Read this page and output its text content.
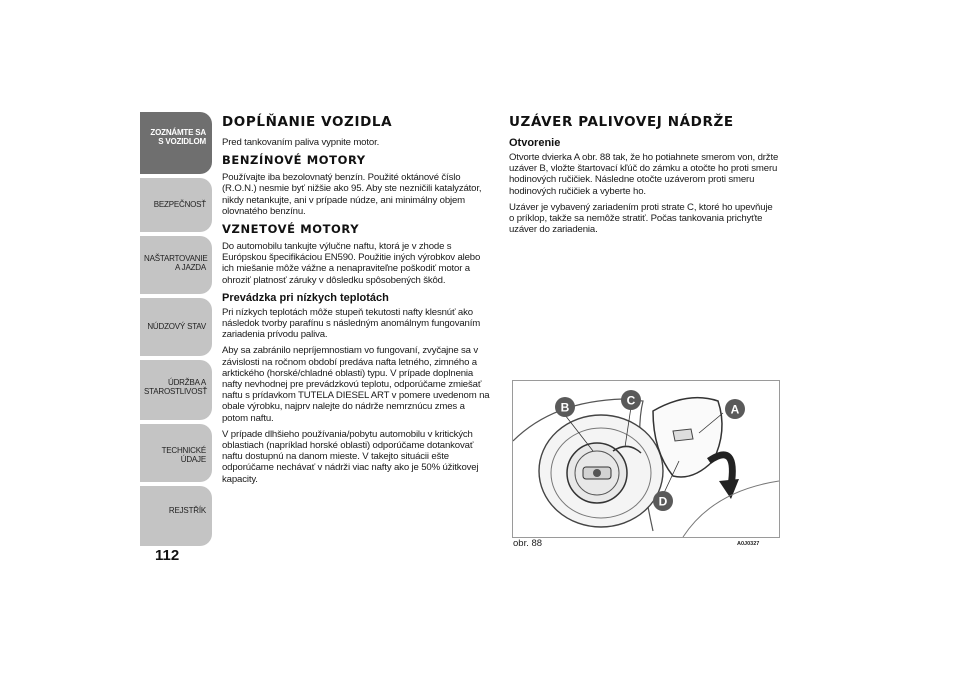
ZOZNÁMTE SA S VOZIDLOM
BEZPEČNOSŤ
NAŠTARTOVANIE A JAZDA
NÚDZOVÝ STAV
ÚDRŽBA A STAROSTLIVOSŤ
TECHNICKÉ ÚDAJE
REJSTŘÍK
112
DOPĹŇANIE VOZIDLA

Pred tankovaním paliva vypnite motor.

BENZÍNOVÉ MOTORY

Používajte iba bezolovnatý benzín. Použité oktánové číslo (R.O.N.) nesmie byť nižšie ako 95. Aby ste nezničili katalyzátor, nikdy netankujte, ani v prípade núdze, ani minimálny objem olovnatého benzínu.

VZNETOVÉ MOTORY

Do automobilu tankujte výlučne naftu, ktorá je v zhode s Európskou špecifikáciou EN590. Použitie iných výrobkov alebo ich miešanie môže vážne a nenapraviteľne poškodiť motor a ohroziť platnosť záruky v dôsledku spôsobených škôd.

Prevádzka pri nízkych teplotách

Pri nízkych teplotách môže stupeň tekutosti nafty klesnúť ako následok tvorby parafínu s následným anomálnym fungovaním zariadenia prívodu paliva.

Aby sa zabránilo nepríjemnostiam vo fungovaní, zvyčajne sa v závislosti na ročnom období predáva nafta letného, zimného a arktického (horské/chladné oblasti) typu. V prípade doplnenia nafty nevhodnej pre prevádzkovú teplotu, odporúčame zmiešať naftu s prídavkom TUTELA DIESEL ART v pomere uvedenom na obale výrobku, najprv nalejte do nádrže nemrznúcu zmes a potom naftu.

V prípade dlhšieho používania/pobytu automobilu v kritických oblastiach (napríklad horské oblasti) odporúčame dotankovať naftu dostupnú na danom mieste. V takejto situácii ešte odporúčame nechávať v nádrži viac nafty ako je 50% úžitkovej kapacity.

UZÁVER PALIVOVEJ NÁDRŽE
Otvorenie

Otvorte dvierka A obr. 88 tak, že ho potiahnete smerom von, držte uzáver B, vložte štartovací kľúč do zámku a otočte ho proti smeru hodinových ručičiek. Následne otočte uzáverom proti smeru hodinových ručičiek a vyberte ho.

Uzáver je vybavený zariadením proti strate C, ktoré ho upevňuje o príklop, takže sa nemôže stratiť. Počas tankovania prichyťte uzáver do zariadenia.

B	C
A
D
obr. 88	A0J0327
